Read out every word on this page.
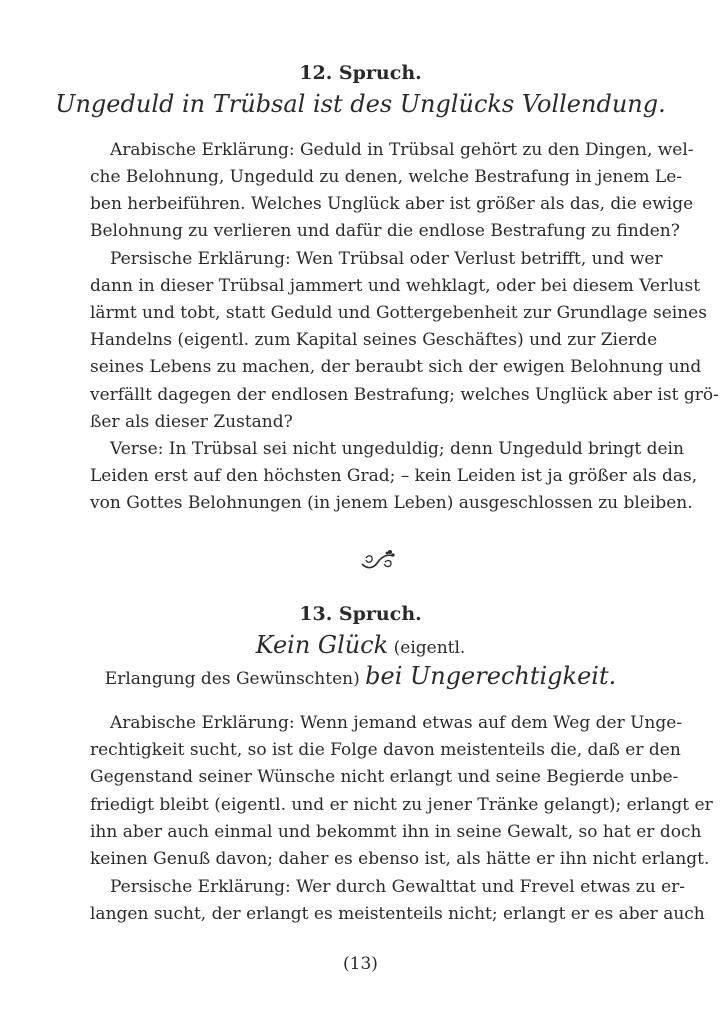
12. Spruch.
Ungeduld in Trübsal ist des Unglücks Vollendung.
Arabische Erklärung: Geduld in Trübsal gehört zu den Dingen, wel-
che Belohnung, Ungeduld zu denen, welche Bestrafung in jenem Le-
ben herbeiführen. Welches Unglück aber ist größer als das, die ewige
Belohnung zu verlieren und dafür die endlose Bestrafung zu finden?
Persische Erklärung: Wen Trübsal oder Verlust betrifft, und wer
dann in dieser Trübsal jammert und wehklagt, oder bei diesem Verlust
lärmt und tobt, statt Geduld und Gottergebenheit zur Grundlage seines
Handelns (eigentl. zum Kapital seines Geschäftes) und zur Zierde
seines Lebens zu machen, der beraubt sich der ewigen Belohnung und
verfällt dagegen der endlosen Bestrafung; welches Unglück aber ist grö-
ßer als dieser Zustand?
Verse: In Trübsal sei nicht ungeduldig; denn Ungeduld bringt dein
Leiden erst auf den höchsten Grad; – kein Leiden ist ja größer als das,
von Gottes Belohnungen (in jenem Leben) ausgeschlossen zu bleiben.
13. Spruch.
Kein Glück (eigentl.
Erlangung des Gewünschten) bei Ungerechtigkeit.
Arabische Erklärung: Wenn jemand etwas auf dem Weg der Unge-
rechtigkeit sucht, so ist die Folge davon meistenteils die, daß er den
Gegenstand seiner Wünsche nicht erlangt und seine Begierde unbe-
friedigt bleibt (eigentl. und er nicht zu jener Tränke gelangt); erlangt er
ihn aber auch einmal und bekommt ihn in seine Gewalt, so hat er doch
keinen Genuß davon; daher es ebenso ist, als hätte er ihn nicht erlangt.
Persische Erklärung: Wer durch Gewalttat und Frevel etwas zu er-
langen sucht, der erlangt es meistenteils nicht; erlangt er es aber auch
(13)
